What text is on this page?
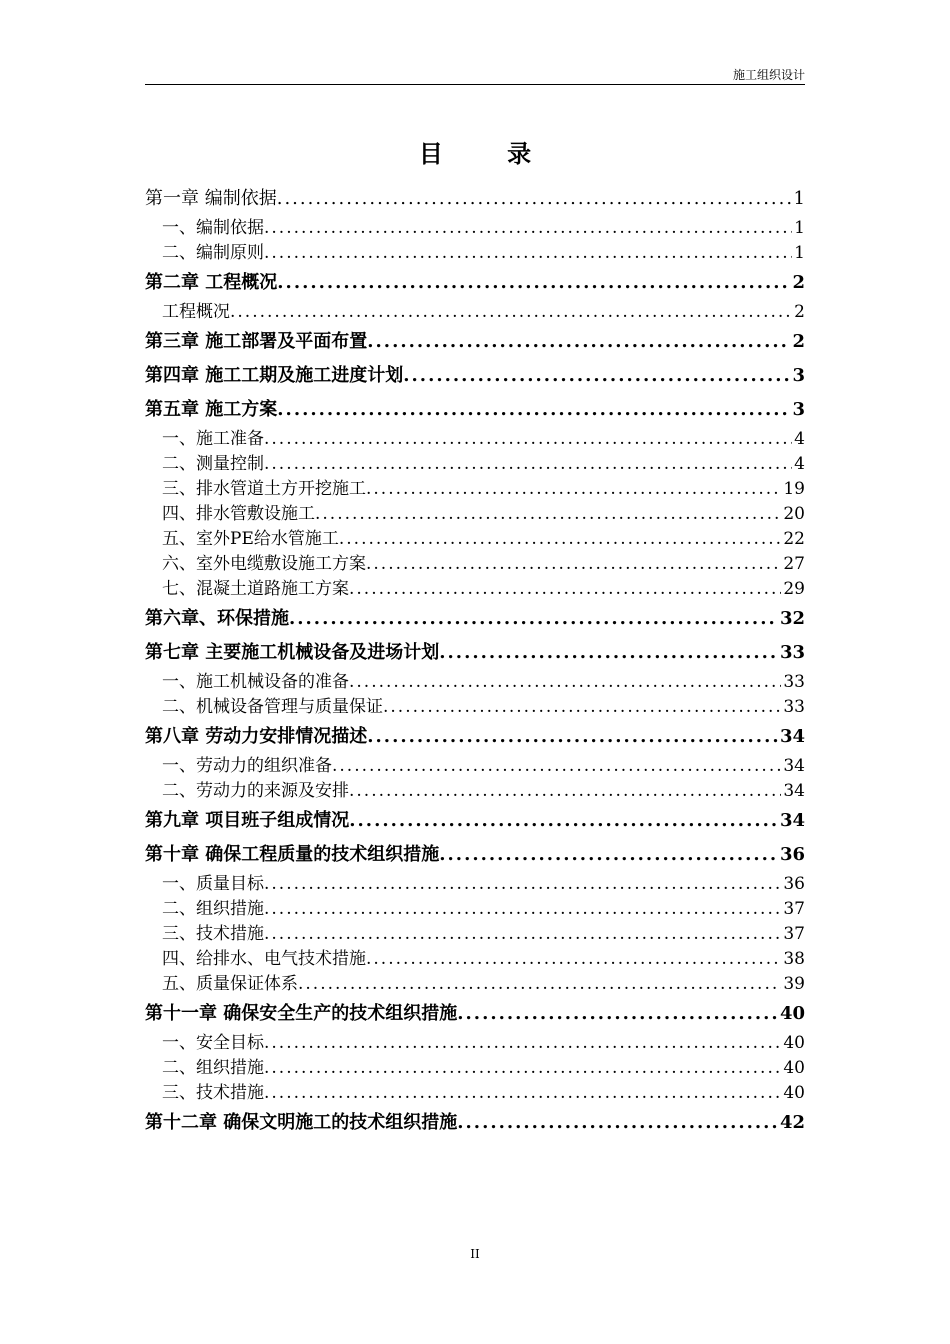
施工组织设计
目 录
第一章 编制依据 .....	1
一、编制依据 .....	1
二、编制原则 .....	1
第二章 工程概况 .....	2
工程概况 .....	2
第三章 施工部署及平面布置 .....	2
第四章 施工工期及施工进度计划 .....	3
第五章 施工方案 .....	3
一、施工准备 .....	4
二、测量控制 .....	4
三、排水管道土方开挖施工 .....	19
四、排水管敷设施工 .....	20
五、室外PE给水管施工 .....	22
六、室外电缆敷设施工方案 .....	27
七、混凝土道路施工方案 .....	29
第六章、环保措施 .....	32
第七章 主要施工机械设备及进场计划 .....	33
一、施工机械设备的准备 .....	33
二、机械设备管理与质量保证 .....	33
第八章 劳动力安排情况描述 .....	34
一、劳动力的组织准备 .....	34
二、劳动力的来源及安排 .....	34
第九章 项目班子组成情况 .....	34
第十章 确保工程质量的技术组织措施 .....	36
一、质量目标 .....	36
二、组织措施 .....	37
三、技术措施 .....	37
四、给排水、电气技术措施 .....	38
五、质量保证体系 .....	39
第十一章 确保安全生产的技术组织措施 .....	40
一、安全目标 .....	40
二、组织措施 .....	40
三、技术措施 .....	40
第十二章 确保文明施工的技术组织措施 .....	42
II
